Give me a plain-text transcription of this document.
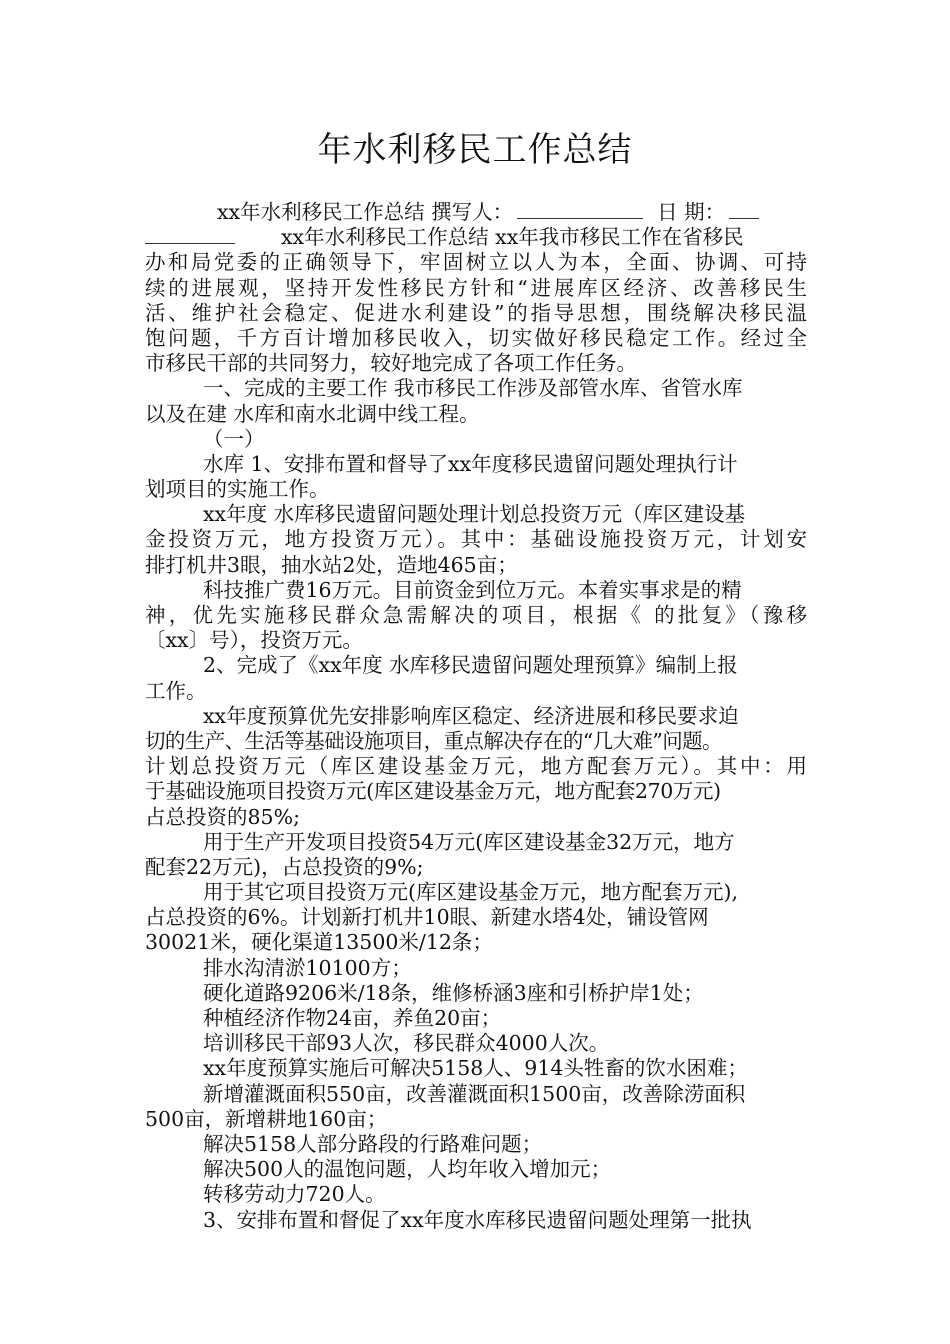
年水利移民工作总结
xx年水利移民工作总结 撰写人：	日 期：
xx年水利移民工作总结 xx年我市移民工作在省移民
办和局党委的正确领导下，牢固树立以人为本，全面、协调、可持
续的进展观，坚持开发性移民方针和“进展库区经济、改善移民生
活、维护社会稳定、促进水利建设”的指导思想，围绕解决移民温
饱问题，千方百计增加移民收入，切实做好移民稳定工作。经过全
市移民干部的共同努力，较好地完成了各项工作任务。
一、完成的主要工作 我市移民工作涉及部管水库、省管水库
以及在建 水库和南水北调中线工程。
（一）
水库 1、安排布置和督导了xx年度移民遗留问题处理执行计
划项目的实施工作。
xx年度 水库移民遗留问题处理计划总投资万元（库区建设基
金投资万元，地方投资万元）。其中：基础设施投资万元，计划安
排打机井3眼，抽水站2处，造地465亩；
科技推广费16万元。目前资金到位万元。本着实事求是的精
神，优先实施移民群众急需解决的项目，根据《 的批复》（豫移
〔xx〕号），投资万元。
2、完成了《xx年度 水库移民遗留问题处理预算》编制上报
工作。
xx年度预算优先安排影响库区稳定、经济进展和移民要求迫
切的生产、生活等基础设施项目，重点解决存在的“几大难”问题。
计划总投资万元（库区建设基金万元，地方配套万元）。其中：用
于基础设施项目投资万元(库区建设基金万元，地方配套270万元)
占总投资的85%;
用于生产开发项目投资54万元(库区建设基金32万元，地方
配套22万元)，占总投资的9%;
用于其它项目投资万元(库区建设基金万元，地方配套万元),
占总投资的6%。计划新打机井10眼、新建水塔4处，铺设管网
30021米，硬化渠道13500米/12条；
排水沟清淤10100方；
硬化道路9206米/18条，维修桥涵3座和引桥护岸1处；
种植经济作物24亩，养鱼20亩；
培训移民干部93人次，移民群众4000人次。
xx年度预算实施后可解决5158人、914头牲畜的饮水困难；
新增灌溉面积550亩，改善灌溉面积1500亩，改善除涝面积
500亩，新增耕地160亩；
解决5158人部分路段的行路难问题；
解决500人的温饱问题，人均年收入增加元；
转移劳动力720人。
3、安排布置和督促了xx年度水库移民遗留问题处理第一批执
